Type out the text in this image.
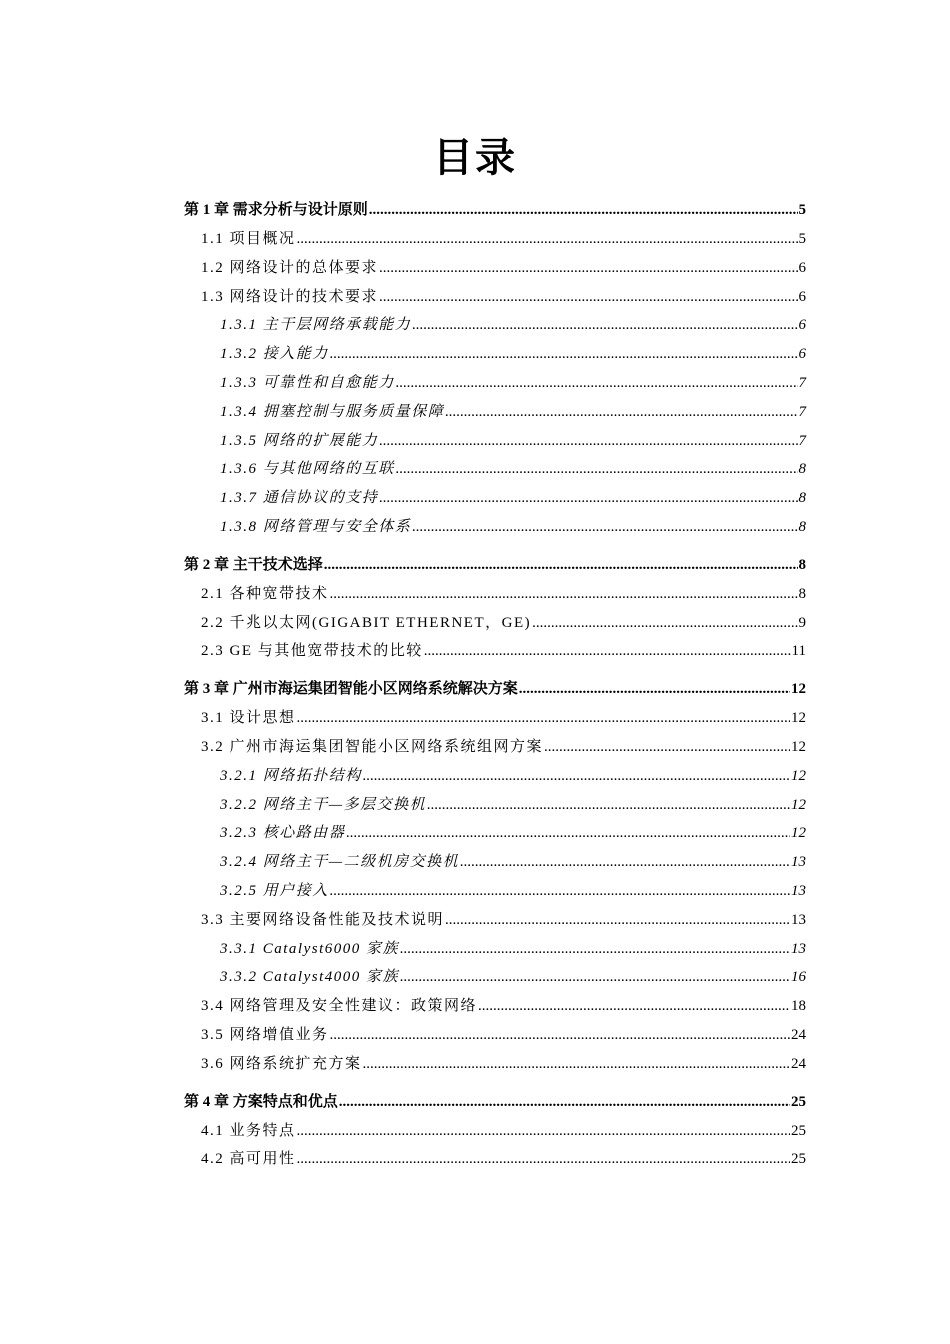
目录
第 1 章 需求分析与设计原则 .....	5
1.1 项目概况 .....	5
1.2 网络设计的总体要求 .....	6
1.3 网络设计的技术要求 .....	6
1.3.1 主干层网络承载能力 .....	6
1.3.2 接入能力 .....	6
1.3.3 可靠性和自愈能力 .....	7
1.3.4 拥塞控制与服务质量保障 .....	7
1.3.5 网络的扩展能力 .....	7
1.3.6 与其他网络的互联 .....	8
1.3.7 通信协议的支持 .....	8
1.3.8 网络管理与安全体系 .....	8
第 2 章 主干技术选择 .....	8
2.1 各种宽带技术 .....	8
2.2 千兆以太网(GIGABIT ETHERNET，GE) .....	9
2.3 GE 与其他宽带技术的比较 .....	11
第 3 章 广州市海运集团智能小区网络系统解决方案 .....	12
3.1 设计思想 .....	12
3.2 广州市海运集团智能小区网络系统组网方案 .....	12
3.2.1 网络拓扑结构 .....	12
3.2.2 网络主干—多层交换机 .....	12
3.2.3 核心路由器 .....	12
3.2.4 网络主干—二级机房交换机 .....	13
3.2.5 用户接入 .....	13
3.3 主要网络设备性能及技术说明 .....	13
3.3.1 Catalyst6000 家族 .....	13
3.3.2 Catalyst4000 家族 .....	16
3.4 网络管理及安全性建议：政策网络 .....	18
3.5 网络增值业务 .....	24
3.6 网络系统扩充方案 .....	24
第 4 章 方案特点和优点 .....	25
4.1 业务特点 .....	25
4.2 高可用性 .....	25
